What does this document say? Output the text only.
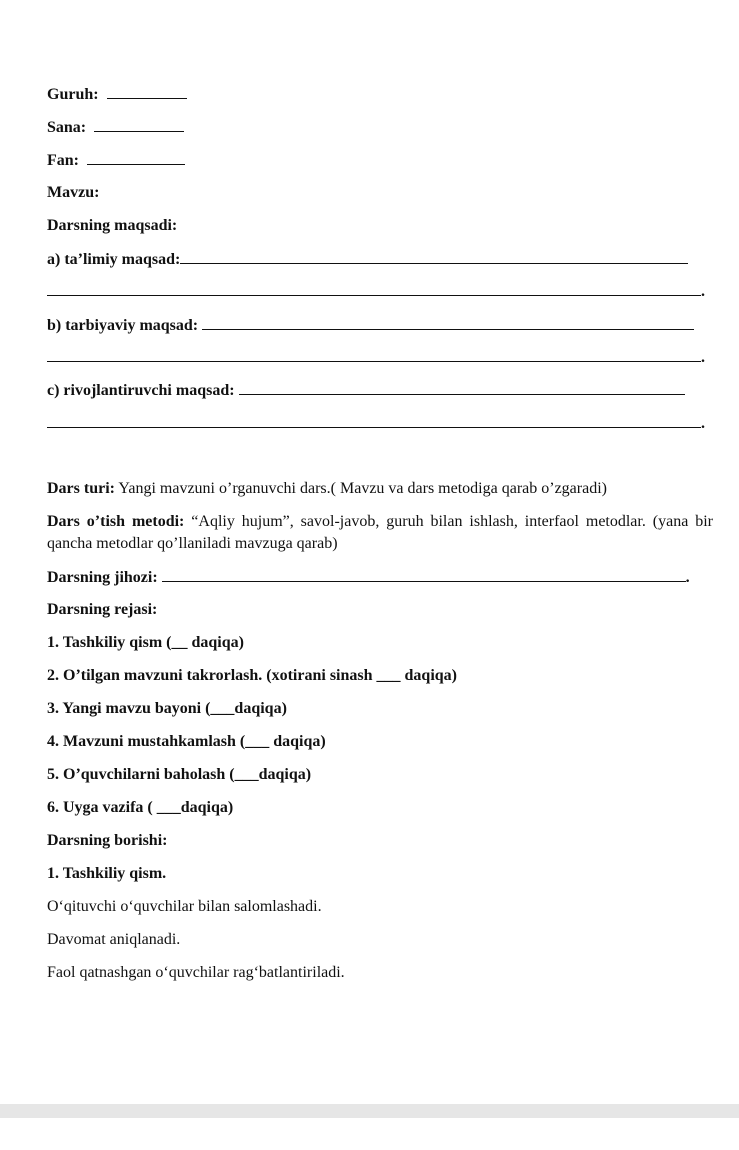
Guruh:
Sana:
Fan:
Mavzu:
Darsning maqsadi:
a) ta’limiy maqsad:
.
b) tarbiyaviy maqsad:
.
c) rivojlantiruvchi maqsad:
.
Dars turi: Yangi mavzuni o’rganuvchi dars.( Mavzu va dars metodiga qarab o’zgaradi)
Dars o’tish metodi: “Aqliy hujum”, savol-javob, guruh bilan ishlash, interfaol metodlar. (yana bir qancha metodlar qo’llaniladi mavzuga qarab)
Darsning jihozi:	.
Darsning rejasi:
1. Tashkiliy qism (__ daqiqa)
2. O’tilgan mavzuni takrorlash. (xotirani sinash ___ daqiqa)
3. Yangi mavzu bayoni (___daqiqa)
4. Mavzuni mustahkamlash (___ daqiqa)
5. O’quvchilarni baholash (___daqiqa)
6. Uyga vazifa ( ___daqiqa)
Darsning borishi:
1. Tashkiliy qism.
O‘qituvchi o‘quvchilar bilan salomlashadi.
Davomat aniqlanadi.
Faol qatnashgan o‘quvchilar rag‘batlantiriladi.
